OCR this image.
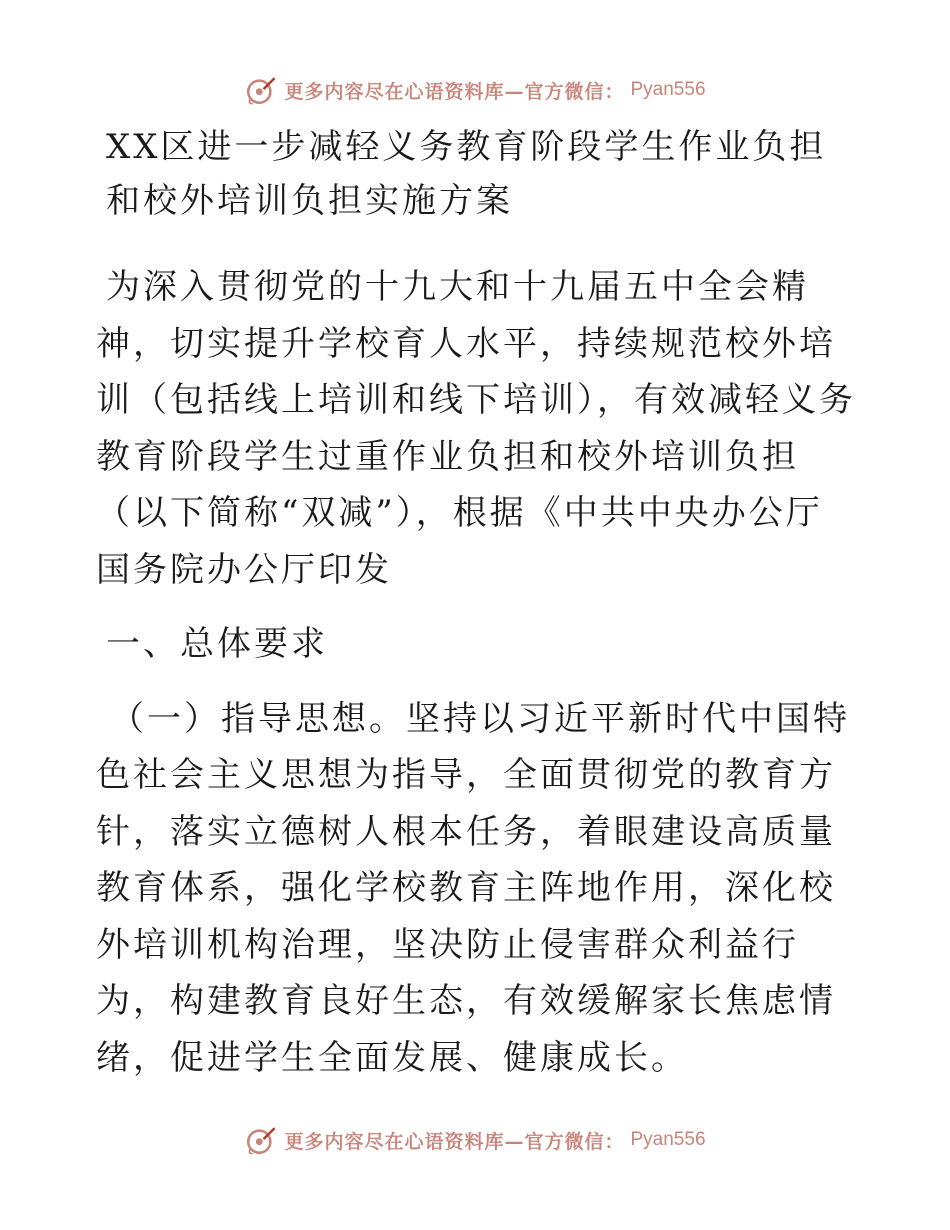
更多内容尽在心语资料库—官方微信： Pyan556
XX区进一步减轻义务教育阶段学生作业负担和校外培训负担实施方案

为深入贯彻党的十九大和十九届五中全会精神，切实提升学校育人水平，持续规范校外培训（包括线上培训和线下培训），有效减轻义务教育阶段学生过重作业负担和校外培训负担（以下简称“双减”），根据《中共中央办公厅国务院办公厅印发

一、总体要求

（一）指导思想。坚持以习近平新时代中国特色社会主义思想为指导，全面贯彻党的教育方针，落实立德树人根本任务，着眼建设高质量教育体系，强化学校教育主阵地作用，深化校外培训机构治理，坚决防止侵害群众利益行为，构建教育良好生态，有效缓解家长焦虑情绪，促进学生全面发展、健康成长。

更多内容尽在心语资料库—官方微信： Pyan556
